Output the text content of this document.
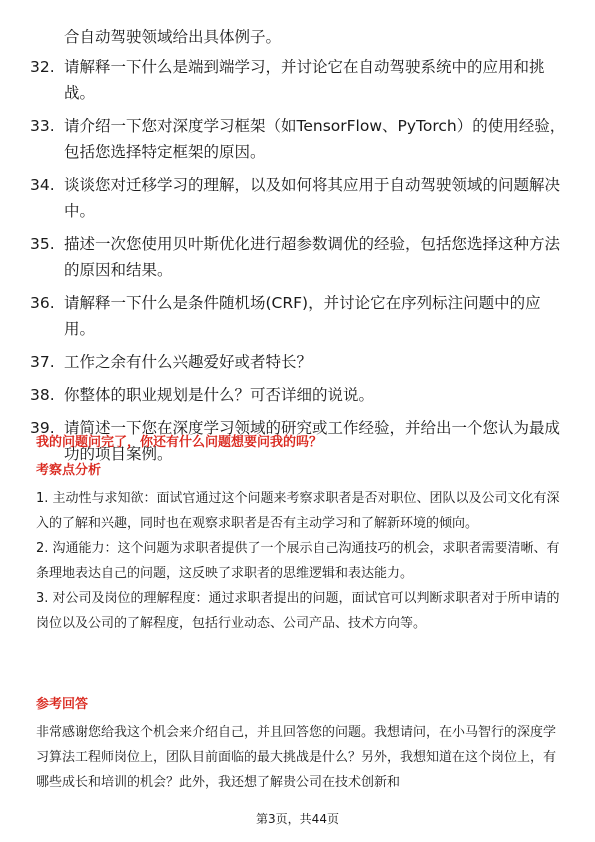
合自动驾驶领域给出具体例子。
32. 请解释一下什么是端到端学习，并讨论它在自动驾驶系统中的应用和挑战。
33. 请介绍一下您对深度学习框架（如TensorFlow、PyTorch）的使用经验，包括您选择特定框架的原因。
34. 谈谈您对迁移学习的理解，以及如何将其应用于自动驾驶领域的问题解决中。
35. 描述一次您使用贝叶斯优化进行超参数调优的经验，包括您选择这种方法的原因和结果。
36. 请解释一下什么是条件随机场(CRF)，并讨论它在序列标注问题中的应用。
37. 工作之余有什么兴趣爱好或者特长？
38. 你整体的职业规划是什么？可否详细的说说。
39. 请简述一下您在深度学习领域的研究或工作经验，并给出一个您认为最成功的项目案例。
我的问题问完了，你还有什么问题想要问我的吗？
考察点分析

1. 主动性与求知欲：面试官通过这个问题来考察求职者是否对职位、团队以及公司文化有深入的了解和兴趣，同时也在观察求职者是否有主动学习和了解新环境的倾向。

2. 沟通能力：这个问题为求职者提供了一个展示自己沟通技巧的机会，求职者需要清晰、有条理地表达自己的问题，这反映了求职者的思维逻辑和表达能力。

3. 对公司及岗位的理解程度：通过求职者提出的问题，面试官可以判断求职者对于所申请的岗位以及公司的了解程度，包括行业动态、公司产品、技术方向等。

参考回答

非常感谢您给我这个机会来介绍自己，并且回答您的问题。我想请问，在小马智行的深度学习算法工程师岗位上，团队目前面临的最大挑战是什么？另外，我想知道在这个岗位上，有哪些成长和培训的机会？此外，我还想了解贵公司在技术创新和

第3页，共44页
